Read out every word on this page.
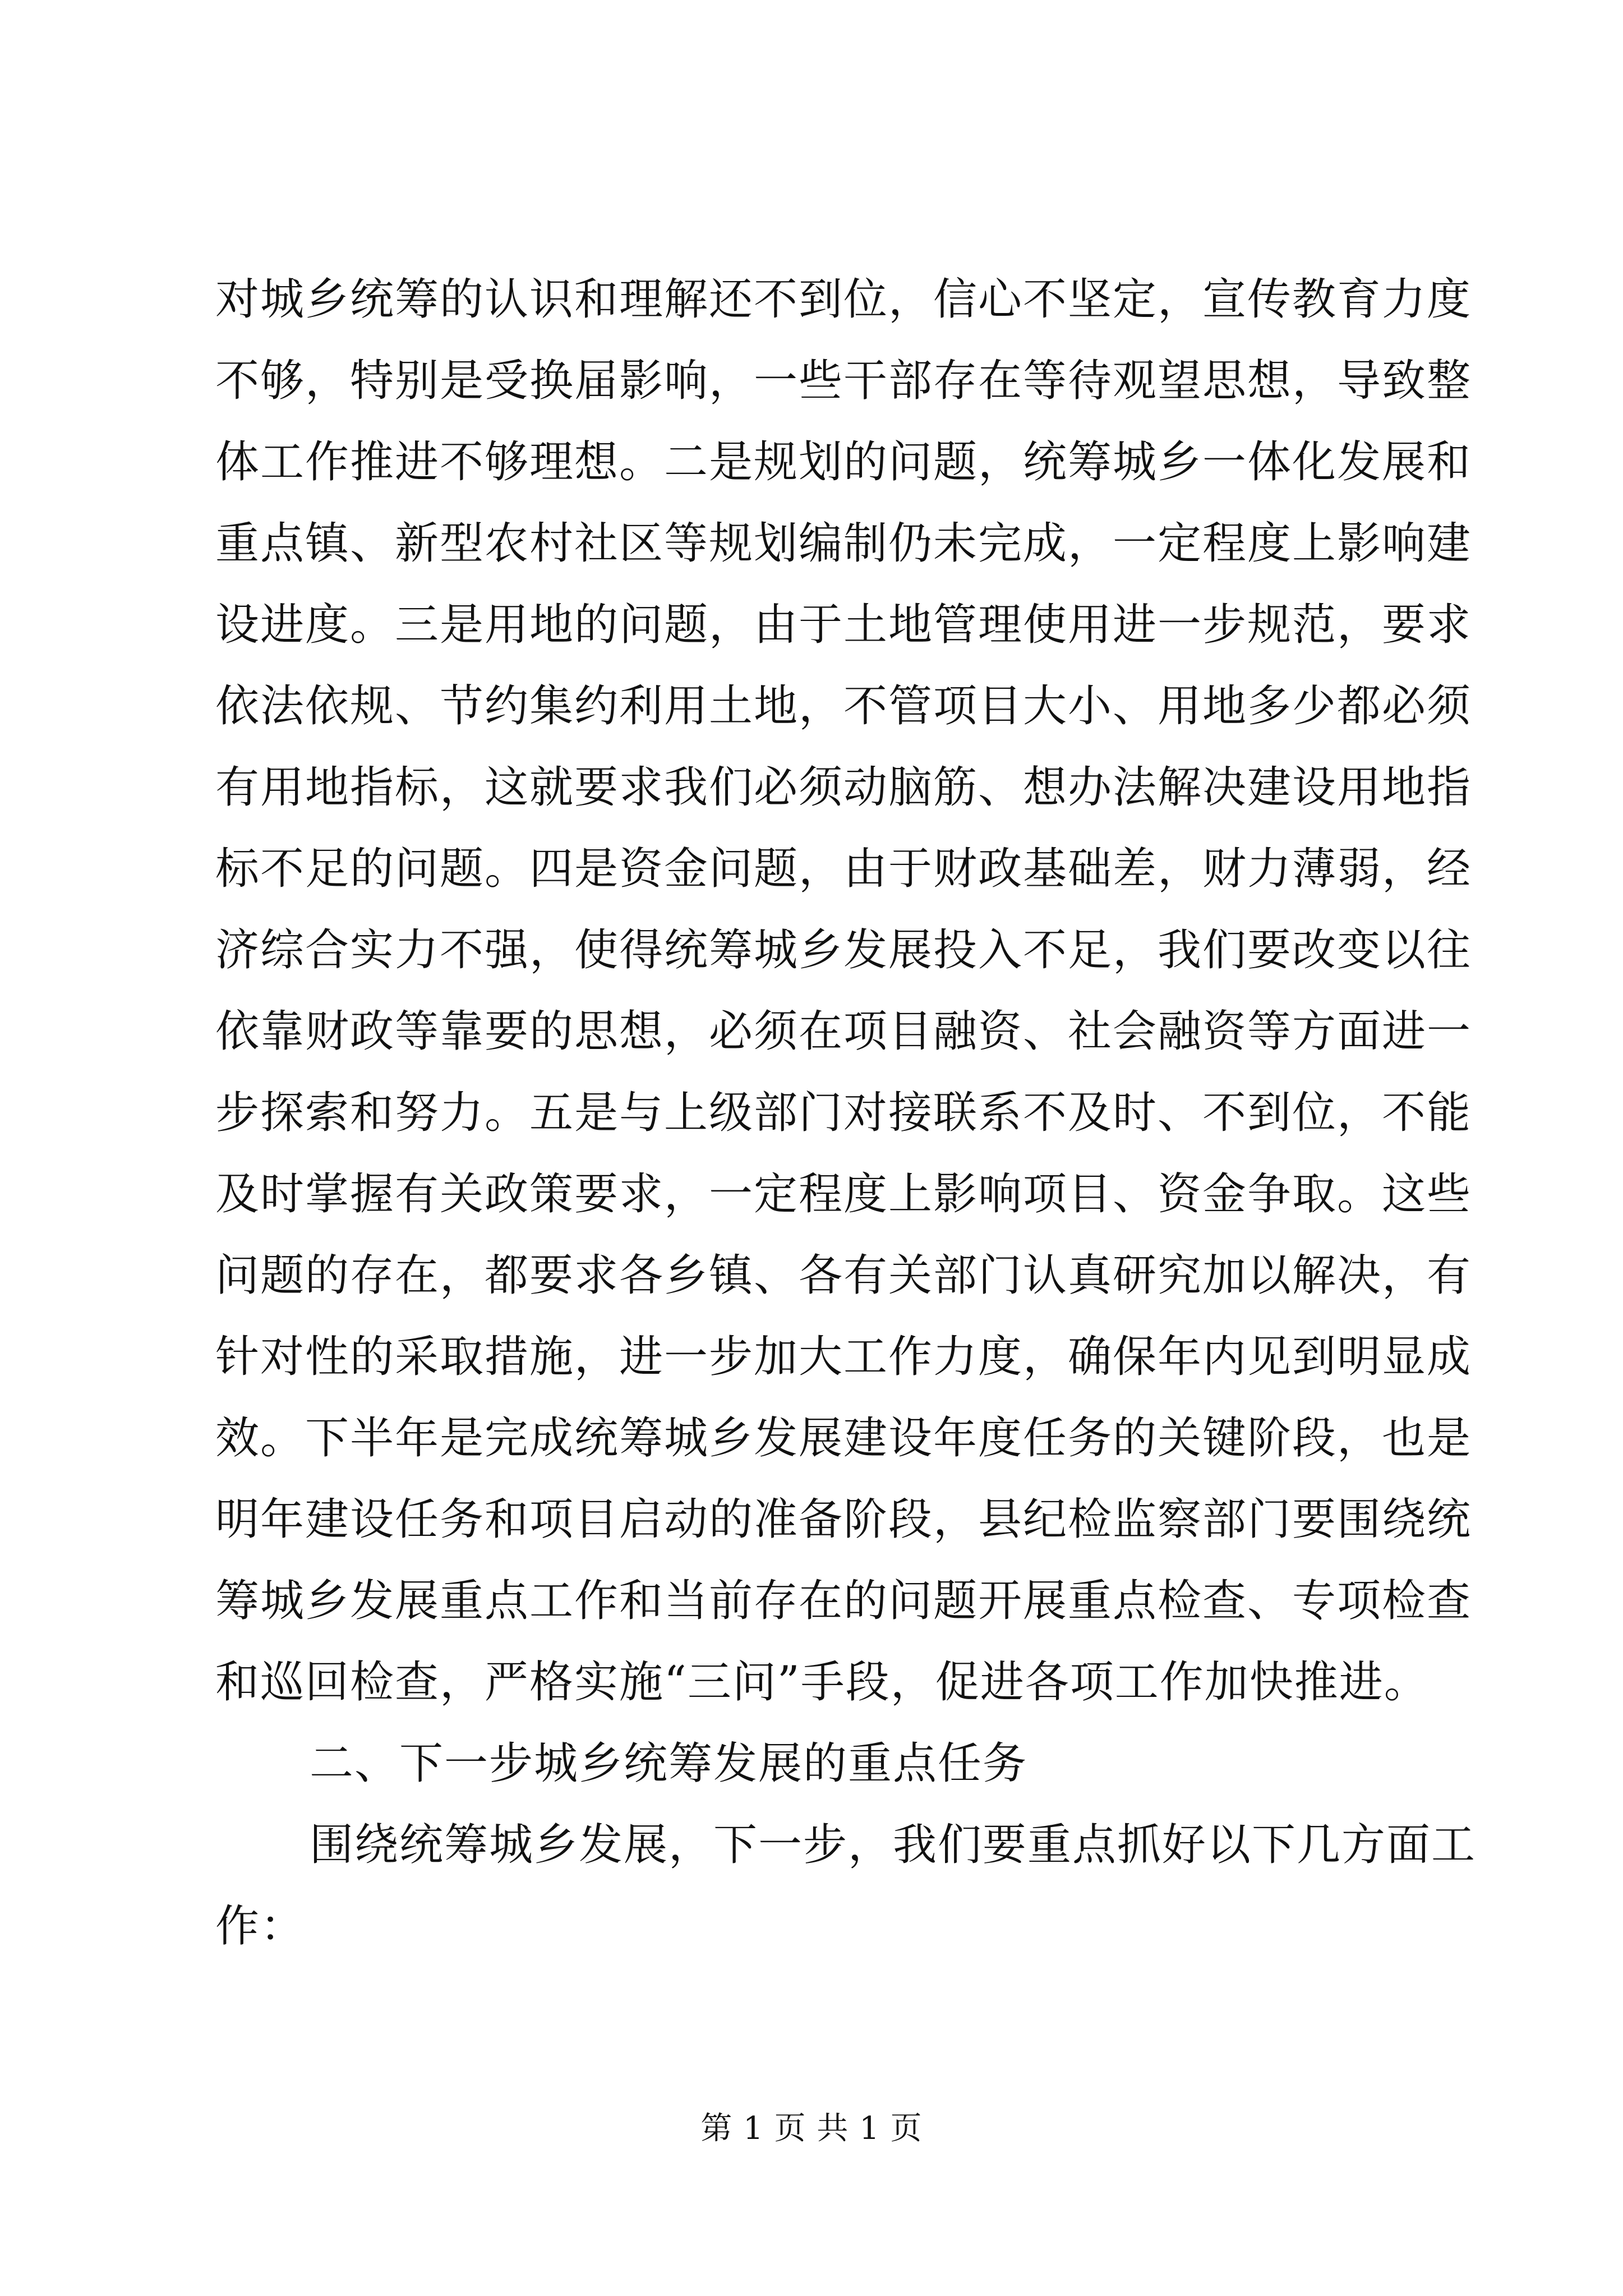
对城乡统筹的认识和理解还不到位，信心不坚定，宣传教育力度
不够，特别是受换届影响，一些干部存在等待观望思想，导致整
体工作推进不够理想。二是规划的问题，统筹城乡一体化发展和
重点镇、新型农村社区等规划编制仍未完成，一定程度上影响建
设进度。三是用地的问题，由于土地管理使用进一步规范，要求
依法依规、节约集约利用土地，不管项目大小、用地多少都必须
有用地指标，这就要求我们必须动脑筋、想办法解决建设用地指
标不足的问题。四是资金问题，由于财政基础差，财力薄弱，经
济综合实力不强，使得统筹城乡发展投入不足，我们要改变以往
依靠财政等靠要的思想，必须在项目融资、社会融资等方面进一
步探索和努力。五是与上级部门对接联系不及时、不到位，不能
及时掌握有关政策要求，一定程度上影响项目、资金争取。这些
问题的存在，都要求各乡镇、各有关部门认真研究加以解决，有
针对性的采取措施，进一步加大工作力度，确保年内见到明显成
效。下半年是完成统筹城乡发展建设年度任务的关键阶段，也是
明年建设任务和项目启动的准备阶段，县纪检监察部门要围绕统
筹城乡发展重点工作和当前存在的问题开展重点检查、专项检查
和巡回检查，严格实施“三问”手段，促进各项工作加快推进。
二、下一步城乡统筹发展的重点任务
围绕统筹城乡发展，下一步，我们要重点抓好以下几方面工
作：
第 1 页 共 1 页
